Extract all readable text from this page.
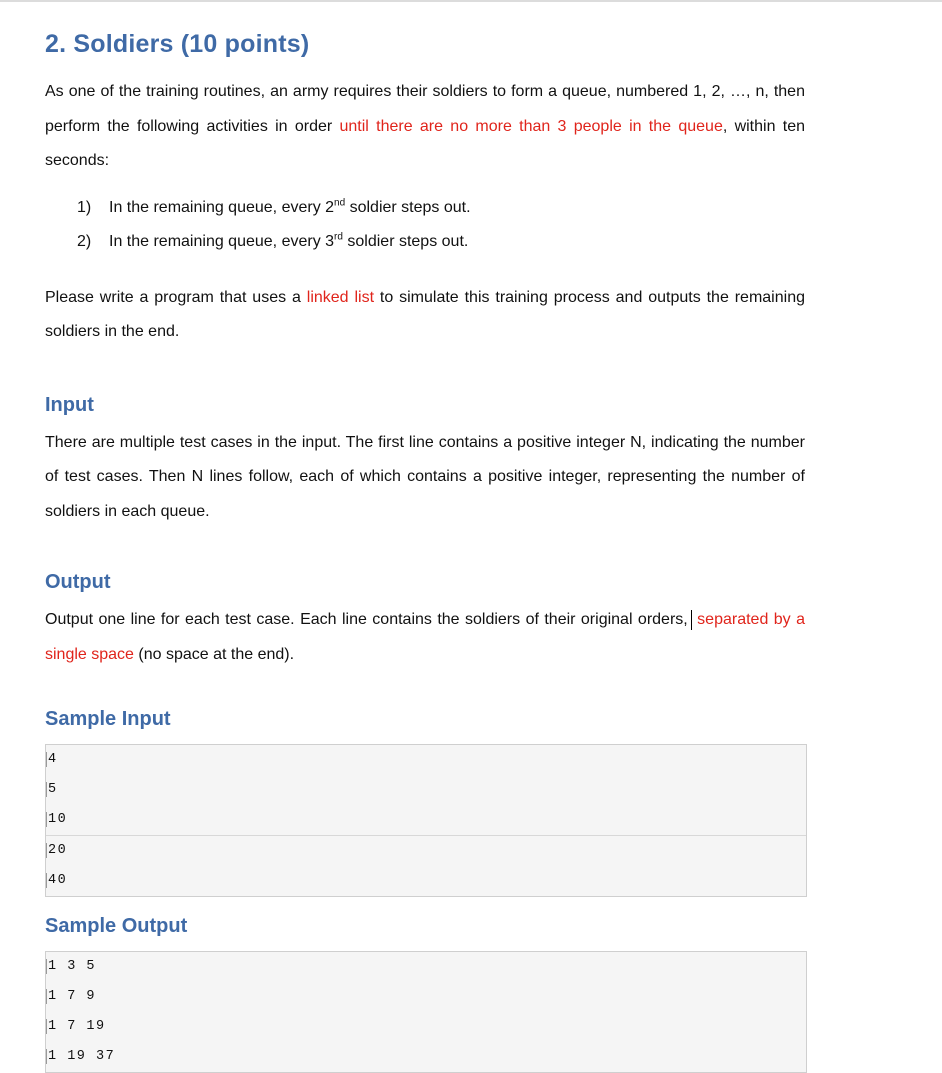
2. Soldiers (10 points)

As one of the training routines, an army requires their soldiers to form a queue, numbered 1, 2, …, n, then perform the following activities in order until there are no more than 3 people in the queue, within ten seconds:

1)	In the remaining queue, every 2nd soldier steps out.
2)	In the remaining queue, every 3rd soldier steps out.

Please write a program that uses a linked list to simulate this training process and outputs the remaining soldiers in the end.

Input

There are multiple test cases in the input. The first line contains a positive integer N, indicating the number of test cases. Then N lines follow, each of which contains a positive integer, representing the number of soldiers in each queue.

Output

Output one line for each test case. Each line contains the soldiers of their original orders, separated by a single space (no space at the end).

Sample Input
4
5
10
20
40
Sample Output
1 3 5
1 7 9
1 7 19
1 19 37
